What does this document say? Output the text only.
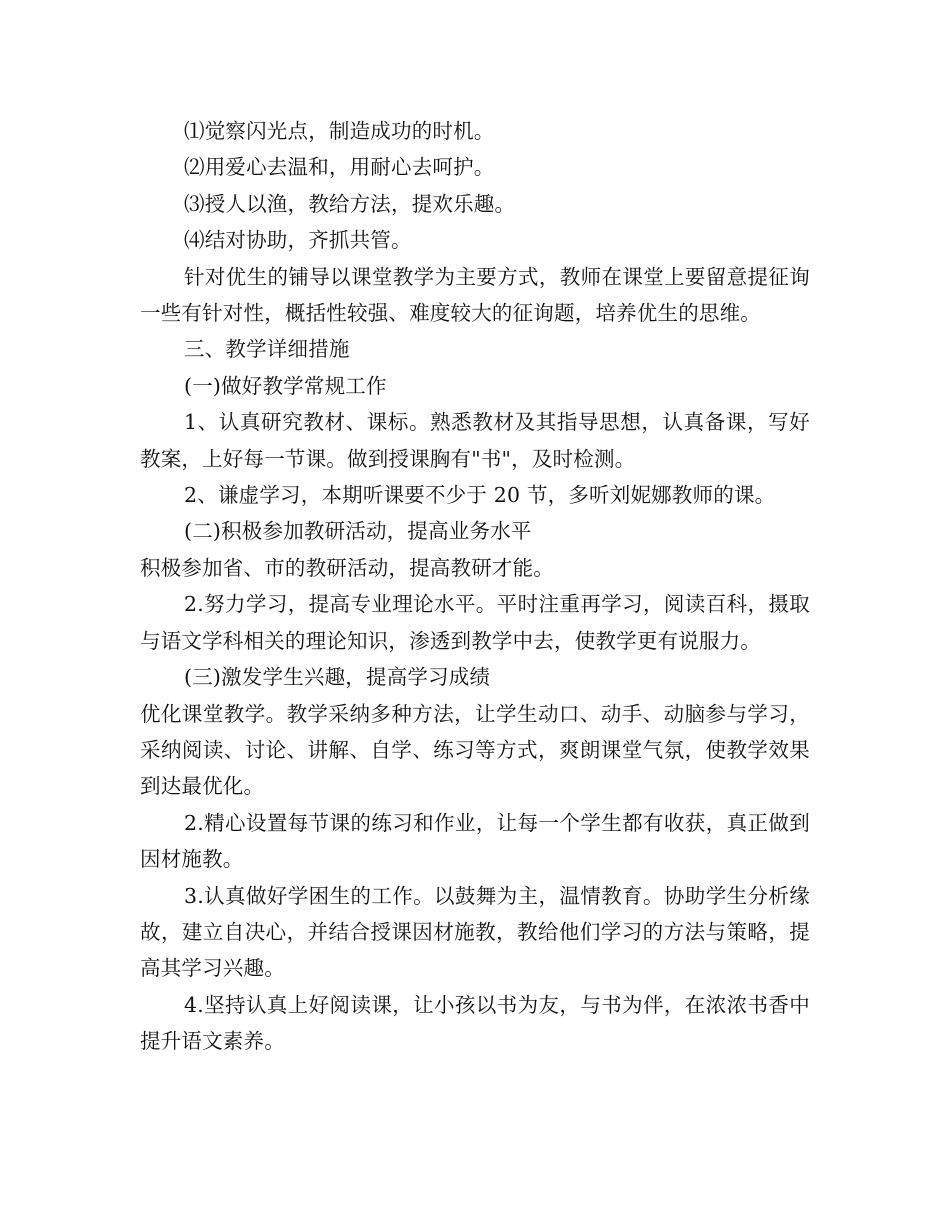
⑴觉察闪光点，制造成功的时机。

⑵用爱心去温和，用耐心去呵护。

⑶授人以渔，教给方法，提欢乐趣。

⑷结对协助，齐抓共管。

针对优生的铺导以课堂教学为主要方式，教师在课堂上要留意提征询一些有针对性，概括性较强、难度较大的征询题，培养优生的思维。

三、教学详细措施

(一)做好教学常规工作

1、认真研究教材、课标。熟悉教材及其指导思想，认真备课，写好教案，上好每一节课。做到授课胸有"书"，及时检测。

2、谦虚学习，本期听课要不少于 20 节，多听刘妮娜教师的课。

(二)积极参加教研活动，提高业务水平

积极参加省、市的教研活动，提高教研才能。

2.努力学习，提高专业理论水平。平时注重再学习，阅读百科，摄取与语文学科相关的理论知识，渗透到教学中去，使教学更有说服力。

(三)激发学生兴趣，提高学习成绩

优化课堂教学。教学采纳多种方法，让学生动口、动手、动脑参与学习，采纳阅读、讨论、讲解、自学、练习等方式，爽朗课堂气氛，使教学效果到达最优化。

2.精心设置每节课的练习和作业，让每一个学生都有收获，真正做到因材施教。

3.认真做好学困生的工作。以鼓舞为主，温情教育。协助学生分析缘故，建立自决心，并结合授课因材施教，教给他们学习的方法与策略，提高其学习兴趣。

4.坚持认真上好阅读课，让小孩以书为友，与书为伴，在浓浓书香中提升语文素养。
